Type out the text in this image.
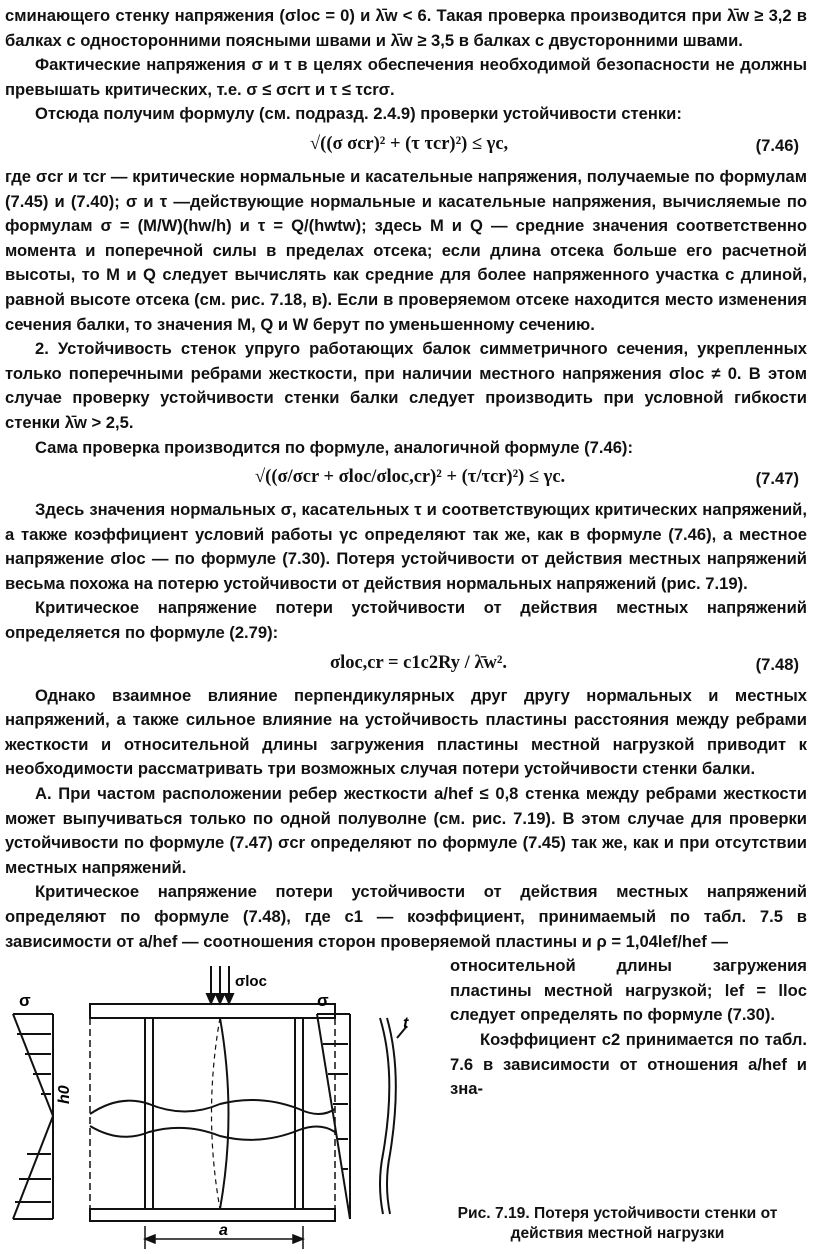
сминающего стенку напряжения (σloc = 0) и λ̄w < 6. Такая проверка производится при λ̄w ≥ 3,2 в балках с односторонними поясными швами и λ̄w ≥ 3,5 в балках с двусторонними швами.

Фактические напряжения σ и τ в целях обеспечения необходимой безопасности не должны превышать критических, т.е. σ ≤ σcrτ и τ ≤ τcrσ.

Отсюда получим формулу (см. подразд. 2.4.9) проверки устойчивости стенки:

√((σ σcr)² + (τ τcr)²) ≤ γc,	(7.46)

где σcr и τcr — критические нормальные и касательные напряжения, получаемые по формулам (7.45) и (7.40); σ и τ —действующие нормальные и касательные напряжения, вычисляемые по формулам σ = (M/W)(hw/h) и τ = Q/(hwtw); здесь M и Q — средние значения соответственно момента и поперечной силы в пределах отсека; если длина отсека больше его расчетной высоты, то M и Q следует вычислять как средние для более напряженного участка с длиной, равной высоте отсека (см. рис. 7.18, в). Если в проверяемом отсеке находится место изменения сечения балки, то значения M, Q и W берут по уменьшенному сечению.

2. Устойчивость стенок упруго работающих балок симметричного сечения, укрепленных только поперечными ребрами жесткости, при наличии местного напряжения σloc ≠ 0. В этом случае проверку устойчивости стенки балки следует производить при условной гибкости стенки λ̄w > 2,5.

Сама проверка производится по формуле, аналогичной формуле (7.46):

√((σ/σcr + σloc/σloc,cr)² + (τ/τcr)²) ≤ γc.	(7.47)

Здесь значения нормальных σ, касательных τ и соответствующих критических напряжений, а также коэффициент условий работы γc определяют так же, как в формуле (7.46), а местное напряжение σloc — по формуле (7.30). Потеря устойчивости от действия местных напряжений весьма похожа на потерю устойчивости от действия нормальных напряжений (рис. 7.19).

Критическое напряжение потери устойчивости от действия местных напряжений определяется по формуле (2.79):

σloc,cr = c1c2Ry / λ̄w².	(7.48)

Однако взаимное влияние перпендикулярных друг другу нормальных и местных напряжений, а также сильное влияние на устойчивость пластины расстояния между ребрами жесткости и относительной длины загружения пластины местной нагрузкой приводит к необходимости рассматривать три возможных случая потери устойчивости стенки балки.

А. При частом расположении ребер жесткости a/hef ≤ 0,8 стенка между ребрами жесткости может выпучиваться только по одной полуволне (см. рис. 7.19). В этом случае для проверки устойчивости по формуле (7.47) σcr определяют по формуле (7.45) так же, как и при отсутствии местных напряжений.

Критическое напряжение потери устойчивости от действия местных напряжений определяют по формуле (7.48), где c1 — коэффициент, принимаемый по табл. 7.5 в зависимости от a/hef — соотношения сторон проверяемой пластины и ρ = 1,04lef/hef —

σ
h0
σloc
σ
t
a

относительной длины загружения пластины местной нагрузкой; lef = lloc следует определять по формуле (7.30).

Коэффициент c2 принимается по табл. 7.6 в зависимости от отношения a/hef и зна-

Рис. 7.19. Потеря устойчивости стенки от действия местной нагрузки
